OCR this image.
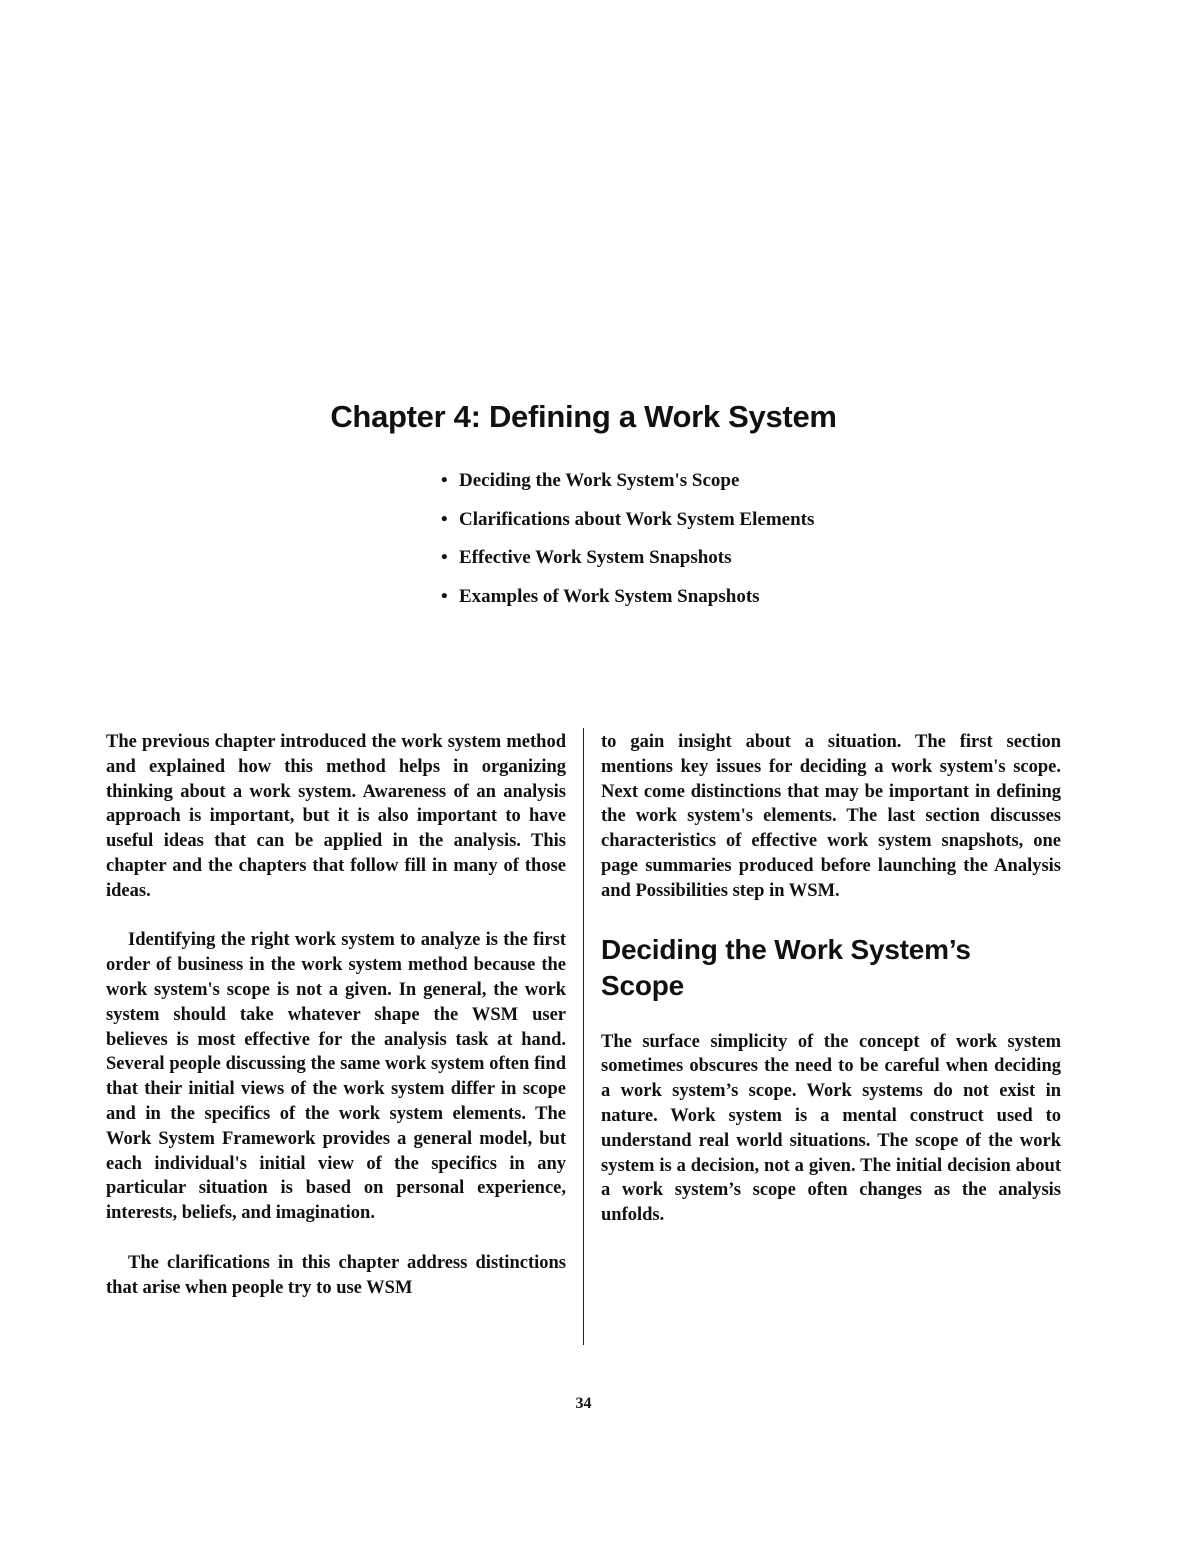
Chapter 4: Defining a Work System
• Deciding the Work System's Scope
• Clarifications about Work System Elements
• Effective Work System Snapshots
• Examples of Work System Snapshots

The previous chapter introduced the work system method and explained how this method helps in organizing thinking about a work system. Awareness of an analysis approach is important, but it is also important to have useful ideas that can be applied in the analysis. This chapter and the chapters that follow fill in many of those ideas.

Identifying the right work system to analyze is the first order of business in the work system method because the work system's scope is not a given. In general, the work system should take whatever shape the WSM user believes is most effective for the analysis task at hand. Several people discussing the same work system often find that their initial views of the work system differ in scope and in the specifics of the work system elements. The Work System Framework provides a general model, but each individual's initial view of the specifics in any particular situation is based on personal experience, interests, beliefs, and imagination.

The clarifications in this chapter address distinctions that arise when people try to use WSM

to gain insight about a situation. The first section mentions key issues for deciding a work system's scope. Next come distinctions that may be important in defining the work system's elements. The last section discusses characteristics of effective work system snapshots, one page summaries produced before launching the Analysis and Possibilities step in WSM.

Deciding the Work System’s Scope

The surface simplicity of the concept of work system sometimes obscures the need to be careful when deciding a work system’s scope. Work systems do not exist in nature. Work system is a mental construct used to understand real world situations. The scope of the work system is a decision, not a given. The initial decision about a work system’s scope often changes as the analysis unfolds.

34
